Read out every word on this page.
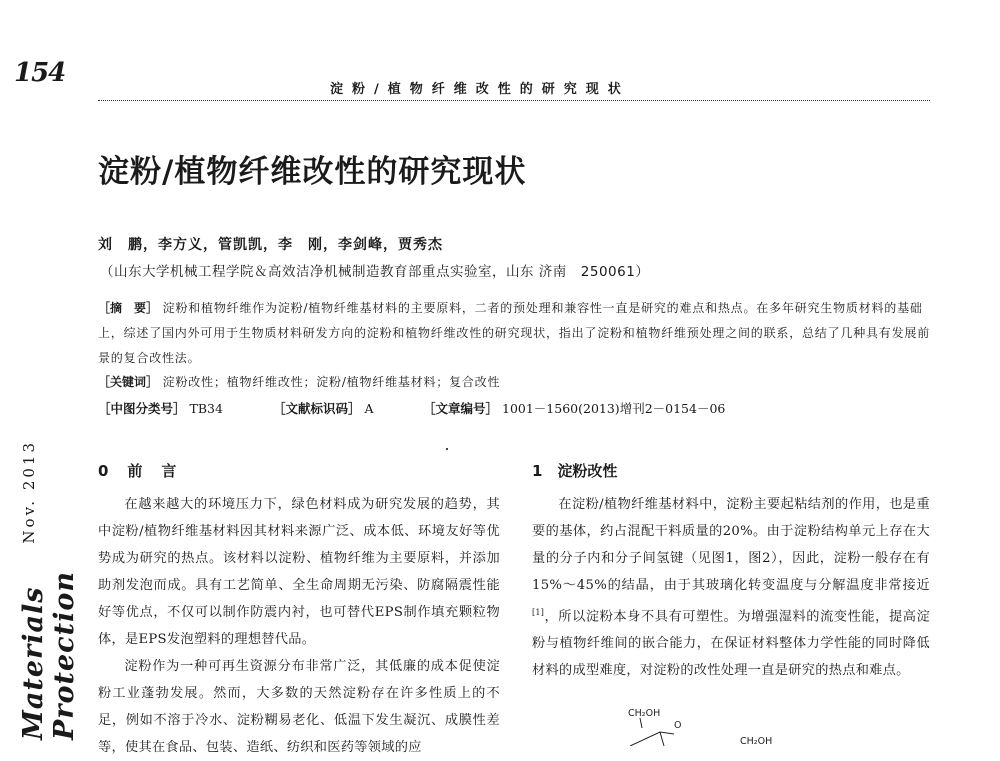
154
淀粉/植物纤维改性的研究现状
淀粉/植物纤维改性的研究现状
刘　鹏，李方义，管凯凯，李　刚，李剑峰，贾秀杰
（山东大学机械工程学院＆高效洁净机械制造教育部重点实验室，山东 济南　250061）
［摘　要］ 淀粉和植物纤维作为淀粉/植物纤维基材料的主要原料，二者的预处理和兼容性一直是研究的难点和热点。在多年研究生物质材料的基础上，综述了国内外可用于生物质材料研发方向的淀粉和植物纤维改性的研究现状，指出了淀粉和植物纤维预处理之间的联系，总结了几种具有发展前景的复合改性法。
［关键词］ 淀粉改性；植物纤维改性；淀粉/植物纤维基材料；复合改性
［中图分类号］ TB34	［文献标识码］ A	［文章编号］ 1001－1560(2013)增刊2－0154－06
Nov. 2013
Materials Protection
0　前　言	1　淀粉改性

在越来越大的环境压力下，绿色材料成为研究发展的趋势，其中淀粉/植物纤维基材料因其材料来源广泛、成本低、环境友好等优势成为研究的热点。该材料以淀粉、植物纤维为主要原料，并添加助剂发泡而成。具有工艺简单、全生命周期无污染、防腐隔震性能好等优点，不仅可以制作防震内衬，也可替代EPS制作填充颗粒物体，是EPS发泡塑料的理想替代品。

淀粉作为一种可再生资源分布非常广泛，其低廉的成本促使淀粉工业蓬勃发展。然而，大多数的天然淀粉存在许多性质上的不足，例如不溶于冷水、淀粉糊易老化、低温下发生凝沉、成膜性差等，使其在食品、包装、造纸、纺织和医药等领域的应

在淀粉/植物纤维基材料中，淀粉主要起粘结剂的作用，也是重要的基体，约占混配干料质量的20%。由于淀粉结构单元上存在大量的分子内和分子间氢键（见图1，图2），因此，淀粉一般存在有15%～45%的结晶，由于其玻璃化转变温度与分解温度非常接近[1]，所以淀粉本身不具有可塑性。为增强湿料的流变性能，提高淀粉与植物纤维间的嵌合能力，在保证材料整体力学性能的同时降低材料的成型难度，对淀粉的改性处理一直是研究的热点和难点。

CH₂OH
O
CH₂OH
